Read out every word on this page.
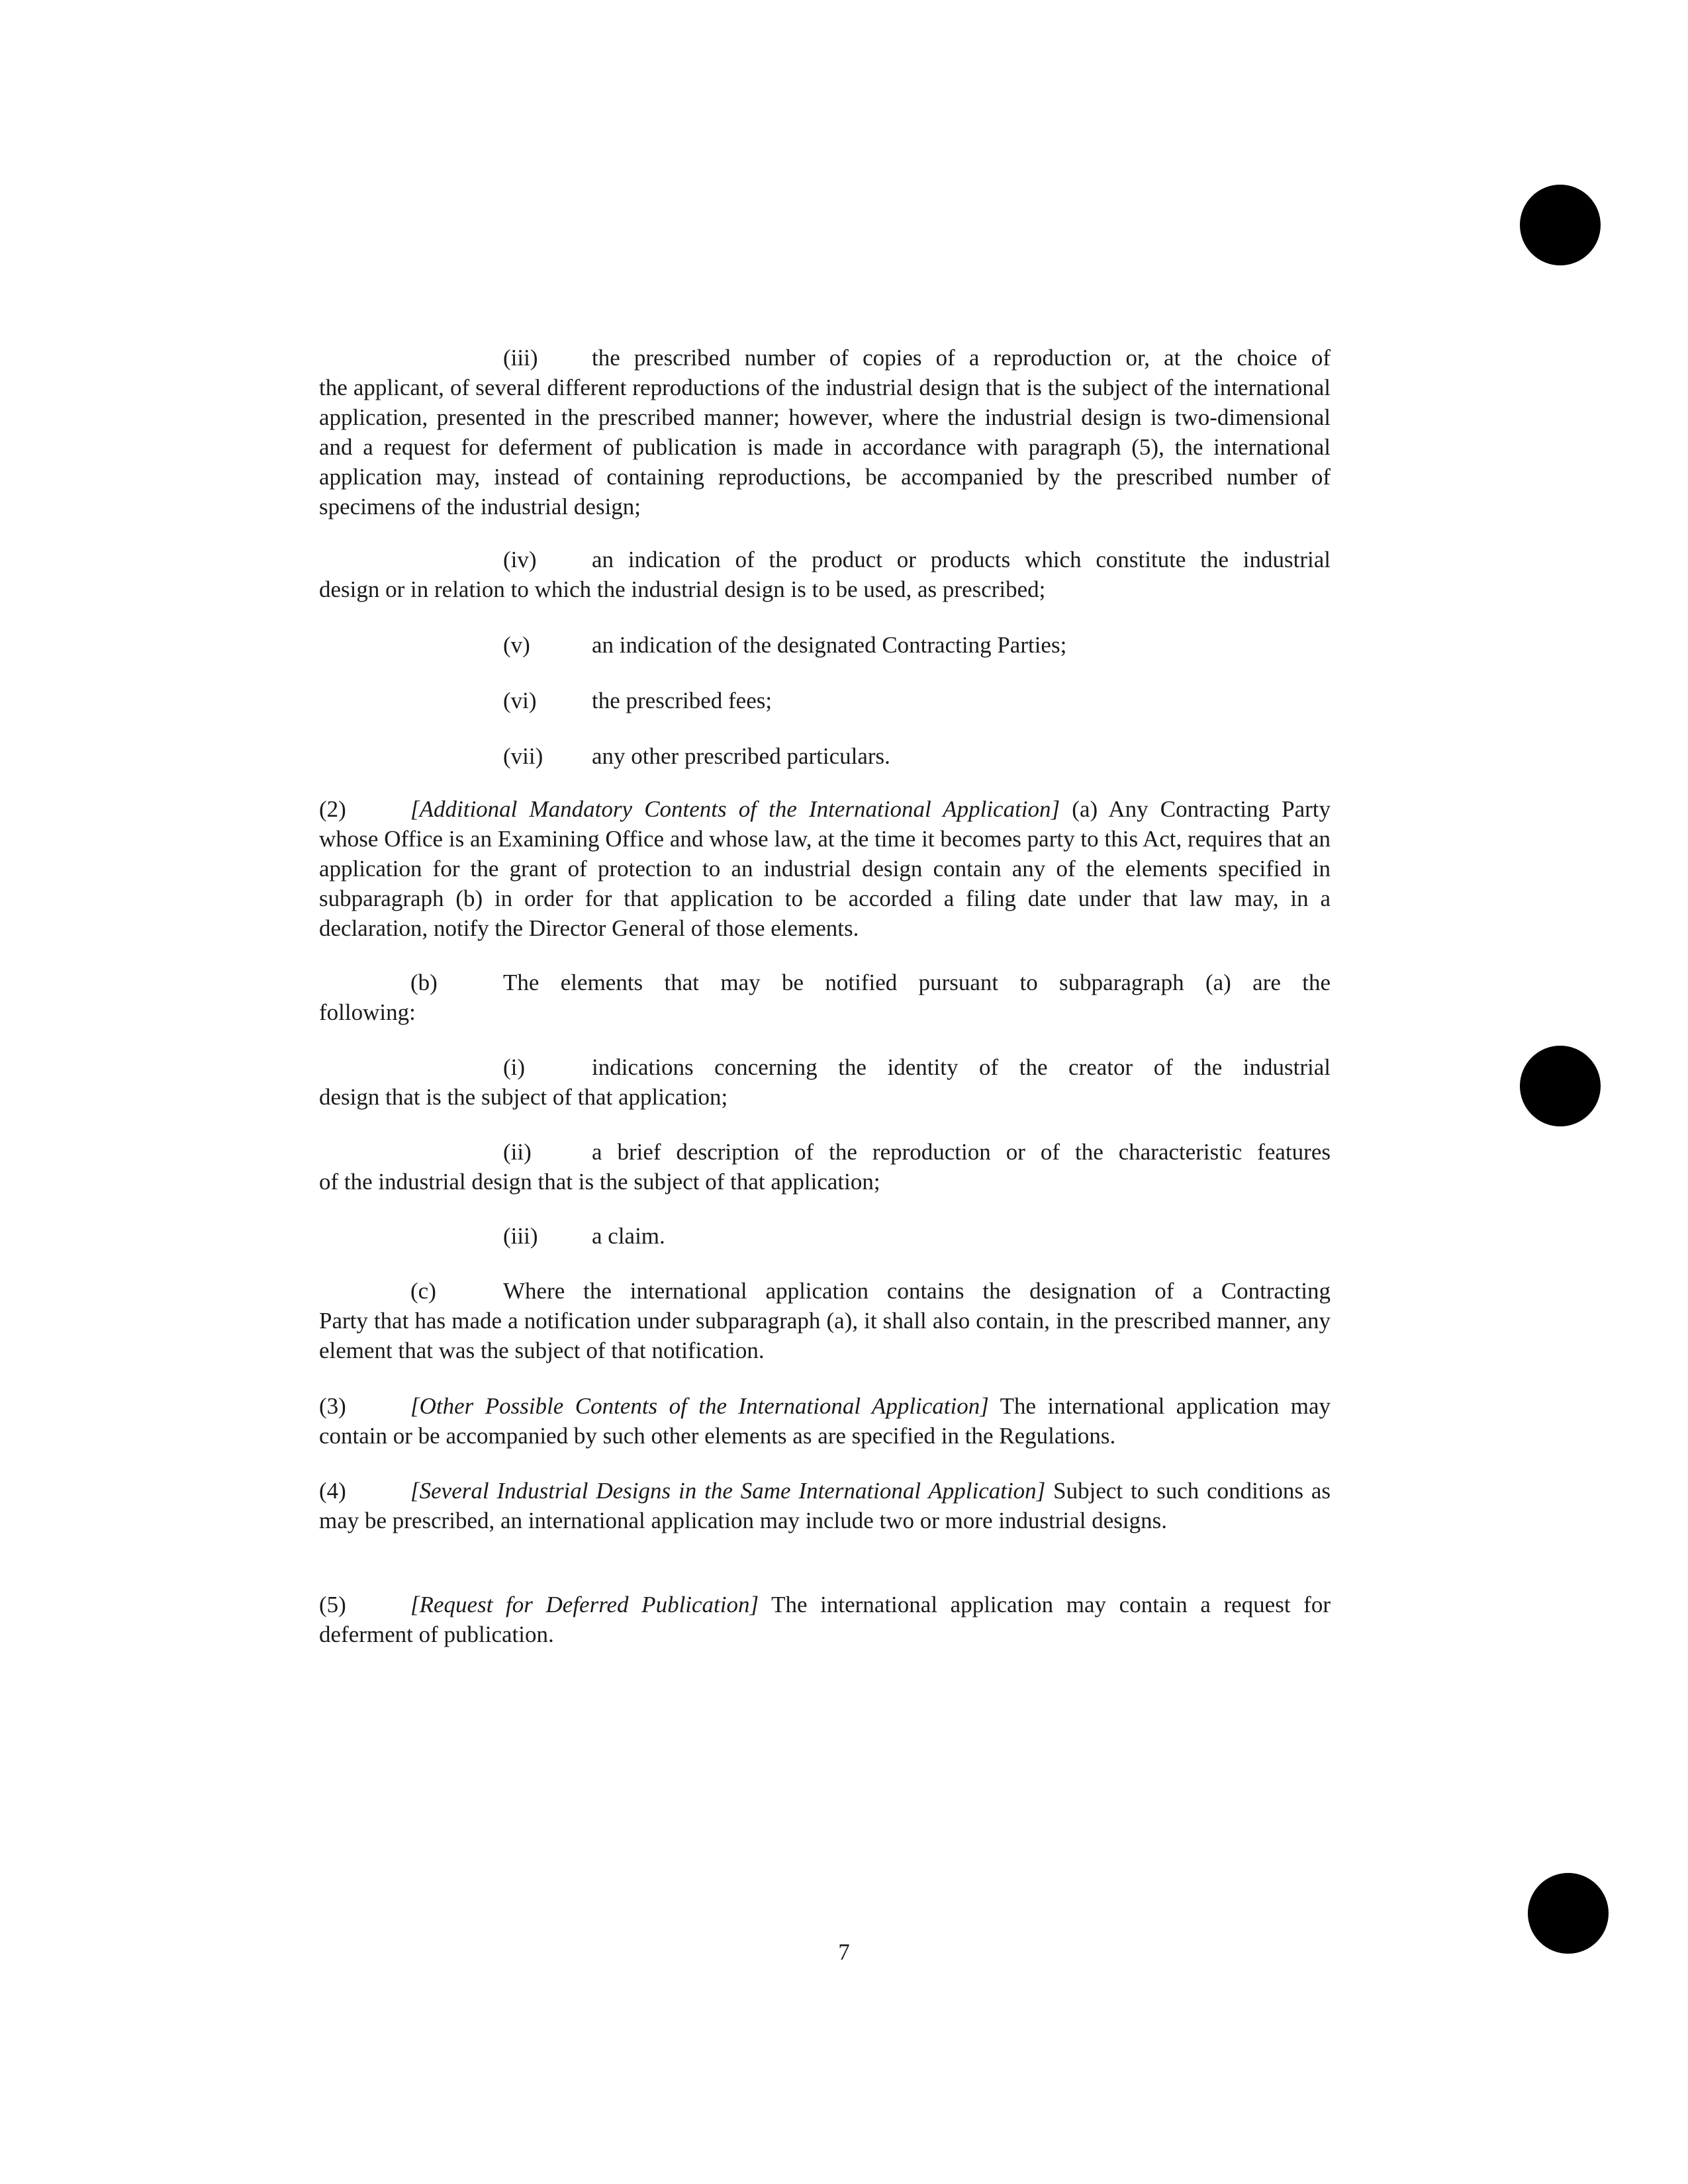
(iii) the prescribed number of copies of a reproduction or, at the choice of

the applicant, of several different reproductions of the industrial design that is the subject of the international application, presented in the prescribed manner; however, where the industrial design is two-dimensional and a request for deferment of publication is made in accordance with paragraph (5), the international application may, instead of containing reproductions, be accompanied by the prescribed number of specimens of the industrial design;

(iv) an indication of the product or products which constitute the industrial

design or in relation to which the industrial design is to be used, as prescribed;

(v)	an indication of the designated Contracting Parties;
(vi) the prescribed fees;
(vii) any other prescribed particulars.

(2)	[Additional Mandatory Contents of the International Application] (a) Any Contracting Party whose Office is an Examining Office and whose law, at the time it becomes party to this Act, requires that an application for the grant of protection to an industrial design contain any of the elements specified in subparagraph (b) in order for that application to be accorded a filing date under that law may, in a declaration, notify the Director General of those elements.

(b)	The elements that may be notified pursuant to subparagraph (a) are the

following:

(i)	indications concerning the identity of the creator of the industrial

design that is the subject of that application;

(ii)	a brief description of the reproduction or of the characteristic features

of the industrial design that is the subject of that application;

(iii) a claim.
(c)	Where the international application contains the designation of a Contracting

Party that has made a notification under subparagraph (a), it shall also contain, in the prescribed manner, any element that was the subject of that notification.

(3)	[Other Possible Contents of the International Application] The international application may contain or be accompanied by such other elements as are specified in the Regulations.

(4)	[Several Industrial Designs in the Same International Application] Subject to such conditions as may be prescribed, an international application may include two or more industrial designs.

(5)	[Request for Deferred Publication] The international application may contain a request for deferment of publication.

7
